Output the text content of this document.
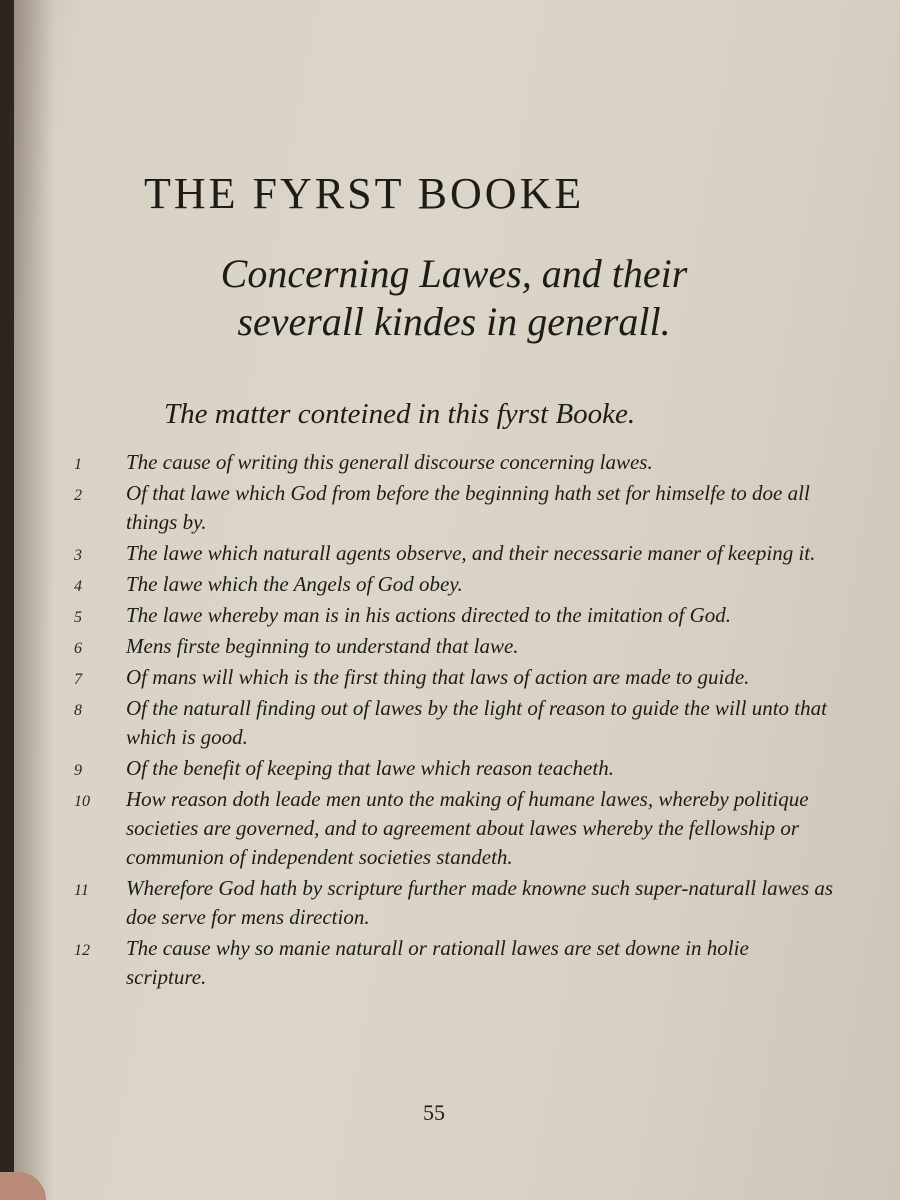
THE FYRST BOOKE
Concerning Lawes, and their
severall kindes in generall.
The matter conteined in this fyrst Booke.
1	The cause of writing this generall discourse concerning lawes.
2	Of that lawe which God from before the beginning hath set for himselfe to doe all things by.
3	The lawe which naturall agents observe, and their necessarie maner of keeping it.
4	The lawe which the Angels of God obey.
5	The lawe whereby man is in his actions directed to the imitation of God.
6	Mens firste beginning to understand that lawe.
7	Of mans will which is the first thing that laws of action are made to guide.
8	Of the naturall finding out of lawes by the light of reason to guide the will unto that which is good.
9	Of the benefit of keeping that lawe which reason teacheth.
10	How reason doth leade men unto the making of humane lawes, whereby politique societies are governed, and to agreement about lawes whereby the fellowship or communion of independent societies standeth.
11	Wherefore God hath by scripture further made knowne such super-naturall lawes as doe serve for mens direction.
12	The cause why so manie naturall or rationall lawes are set downe in holie scripture.
55
